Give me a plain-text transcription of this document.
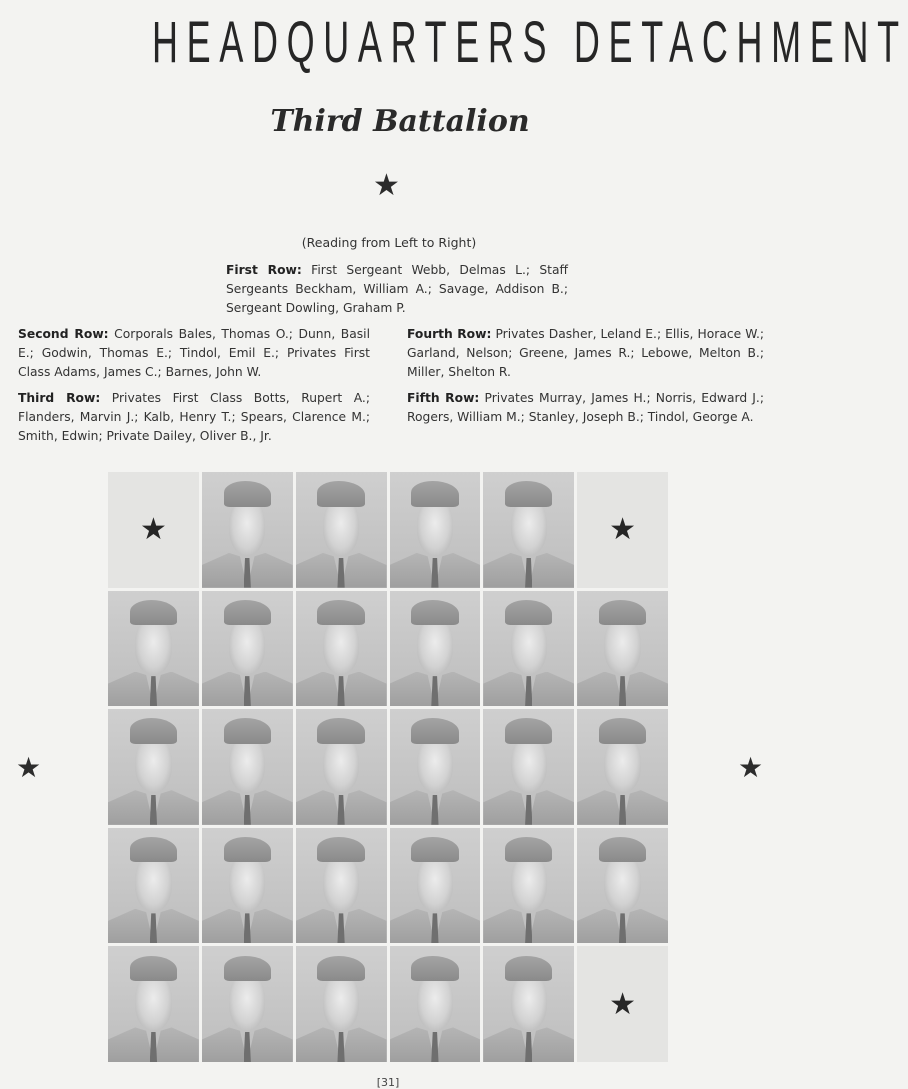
HEADQUARTERS DETACHMENT
Third Battalion
★
★	★
(Reading from Left to Right)
First Row: First Sergeant Webb, Delmas L.; Staff Sergeants Beckham, William A.; Savage, Addison B.; Sergeant Dowling, Graham P.
Second Row: Corporals Bales, Thomas O.; Dunn, Basil E.; Godwin, Thomas E.; Tindol, Emil E.; Privates First Class Adams, James C.; Barnes, John W.
Third Row: Privates First Class Botts, Rupert A.; Flanders, Marvin J.; Kalb, Henry T.; Spears, Clarence M.; Smith, Edwin; Private Dailey, Oliver B., Jr.
Fourth Row: Privates Dasher, Leland E.; Ellis, Horace W.; Garland, Nelson; Greene, James R.; Lebowe, Melton B.; Miller, Shelton R.
Fifth Row: Privates Murray, James H.; Norris, Edward J.; Rogers, William M.; Stanley, Joseph B.; Tindol, George A.
★	★
★
[31]
